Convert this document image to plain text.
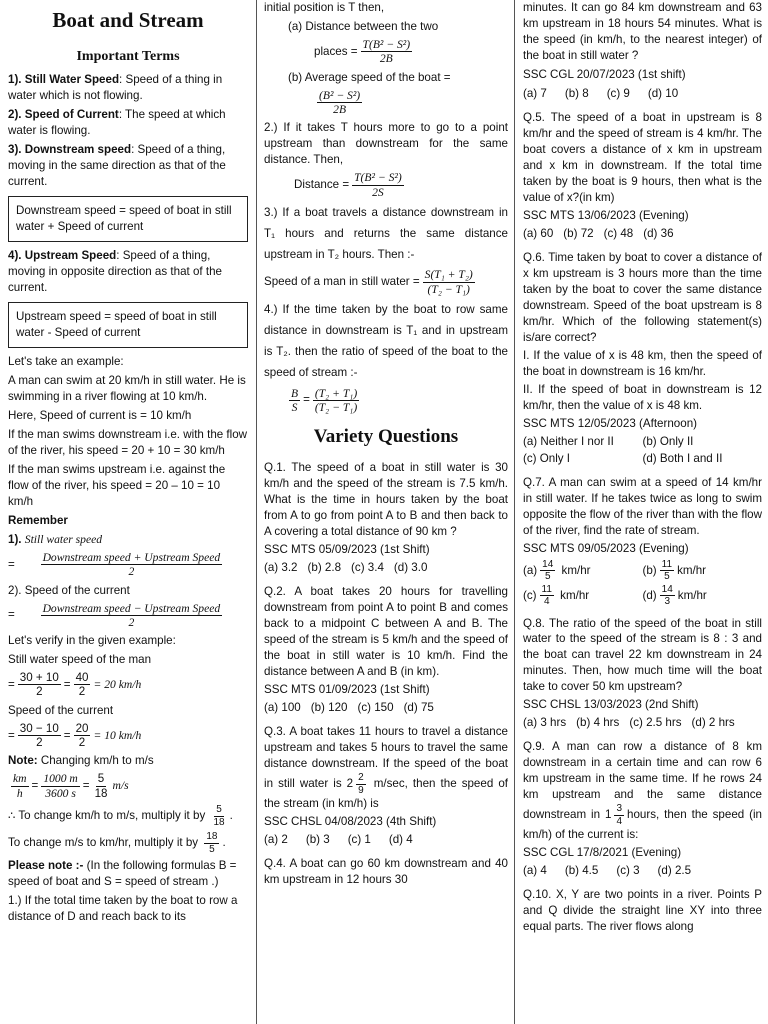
Boat and Stream
Important Terms

1). Still Water Speed: Speed of a thing in water which is not flowing.

2). Speed of Current: The speed at which water is flowing.

3). Downstream speed: Speed of a thing, moving in the same direction as that of the current.

Downstream speed = speed of boat in still water + Speed of current

4). Upstream Speed: Speed of a thing, moving in opposite direction as that of the current.

Upstream speed = speed of boat in still water - Speed of current

Let's take an example:

A man can swim at 20 km/h in still water. He is swimming in a river flowing at 10 km/h.

Here, Speed of current is = 10 km/h

If the man swims downstream i.e. with the flow of the river, his speed = 20 + 10 = 30 km/h

If the man swims upstream i.e. against the flow of the river, his speed = 20 – 10 = 10 km/h

Remember

1). Still water speed

= $\frac{\text{Downstream speed + Upstream Speed}}{2}$

2). Speed of the current

= $\frac{\text{Downstream speed − Upstream Speed}}{2}$

Let's verify in the given example:

Still water speed of the man

= $\frac{30 + 10}{2} = \frac{40}{2} = 20$ km/h

Speed of the current

= $\frac{30 - 10}{2} = \frac{20}{2} = 10$ km/h

Note: Changing km/h to m/s

$\frac{km}{h} = \frac{1000 m}{3600 s} = \frac{5}{18} m/s$

∴ To change km/h to m/s, multiply it by $\frac{5}{18}$ .

To change m/s to km/hr, multiply it by $\frac{18}{5}$ .

Please note :- (In the following formulas B = speed of boat and S = speed of stream .)

1.) If the total time taken by the boat to row a distance of D and reach back to its

initial position is T then,

(a) Distance between the two

places = $\frac{\text{T(B² − S²)}}{2B}$

(b) Average speed of the boat =

$\frac{\text{(B² − S²)}}{2B}$

2.) If it takes T hours more to go to a point upstream than downstream for the same distance. Then,

Distance = $\frac{\text{T(B² − S²)}}{2S}$

3.) If a boat travels a distance downstream in T₁ hours and returns the same distance upstream in T₂ hours. Then :-

Speed of a man in still water = $\frac{\text{S(T₁ + T₂)}}{\text{(T₂ − T₁)}}$

4.) If the time taken by the boat to row same distance in downstream is T₁ and in upstream is T₂. then the ratio of speed of the boat to the speed of stream :-

$\frac{B}{S} = \frac{\text{(T₂ + T₁)}}{\text{(T₂ − T₁)}}$
Variety Questions

Q.1. The speed of a boat in still water is 30 km/h and the speed of the stream is 7.5 km/h. What is the time in hours taken by the boat from A to go from point A to B and then back to A covering a total distance of 90 km ?

SSC MTS 05/09/2023 (1st Shift)

(a) 3.2 (b) 2.8 (c) 3.4 (d) 3.0

Q.2. A boat takes 20 hours for travelling downstream from point A to point B and comes back to a midpoint C between A and B. The speed of the stream is 5 km/h and the speed of the boat in still water is 10 km/h. Find the distance between A and B (in km).

SSC MTS 01/09/2023 (1st Shift)

(a) 100 (b) 120 (c) 150 (d) 75

Q.3. A boat takes 11 hours to travel a distance upstream and takes 5 hours to travel the same distance downstream. If the speed of the boat in still water is $2 \frac{2}{9} m/\sec$, then the speed of the stream (in km/h) is

SSC CHSL 04/08/2023 (4th Shift)

(a) 2 (b) 3 (c) 1 (d) 4

Q.4. A boat can go 60 km downstream and 40 km upstream in 12 hours 30

minutes. It can go 84 km downstream and 63 km upstream in 18 hours 54 minutes. What is the speed (in km/h, to the nearest integer) of the boat in still water ?

SSC CGL 20/07/2023 (1st shift)

(a) 7 (b) 8 (c) 9 (d) 10

Q.5. The speed of a boat in upstream is 8 km/hr and the speed of stream is 4 km/hr. The boat covers a distance of x km in upstream and x km in downstream. If the total time taken by the boat is 9 hours, then what is the value of x?(in km)

SSC MTS 13/06/2023 (Evening)

(a) 60 (b) 72 (c) 48 (d) 36

Q.6. Time taken by boat to cover a distance of x km upstream is 3 hours more than the time taken by the boat to cover the same distance downstream. Speed of the boat upstream is 8 km/hr. Which of the following statement(s) is/are correct?

I. If the value of x is 48 km, then the speed of the boat in downstream is 16 km/hr.

II. If the speed of boat in downstream is 12 km/hr, then the value of x is 48 km.

SSC MTS 12/05/2023 (Afternoon)

(a) Neither I nor II	(b) Only II
(c) Only I	(d) Both I and II

Q.7. A man can swim at a speed of 14 km/hr in still water. If he takes twice as long to swim opposite the flow of the river than with the flow of the river, find the rate of stream.

SSC MTS 09/05/2023 (Evening)

$(a) \frac{14}{5} km/hr$	$(b) \frac{11}{5} km/hr$
$(c) \frac{11}{4} km/hr$	$(d) \frac{14}{3} km/hr$

Q.8. The ratio of the speed of the boat in still water to the speed of the stream is 8 : 3 and the boat can travel 22 km downstream in 24 minutes. Then, how much time will the boat take to cover 50 km upstream?

SSC CHSL 13/03/2023 (2nd Shift)

(a) 3 hrs (b) 4 hrs (c) 2.5 hrs (d) 2 hrs

Q.9. A man can row a distance of 8 km downstream in a certain time and can row 6 km upstream in the same time. If he rows 24 km upstream and the same distance downstream in $1 \frac{3}{4}$ hours, then the speed (in km/h) of the current is:

SSC CGL 17/8/2021 (Evening)

(a) 4 (b) 4.5 (c) 3 (d) 2.5

Q.10. X, Y are two points in a river. Points P and Q divide the straight line XY into three equal parts. The river flows along
